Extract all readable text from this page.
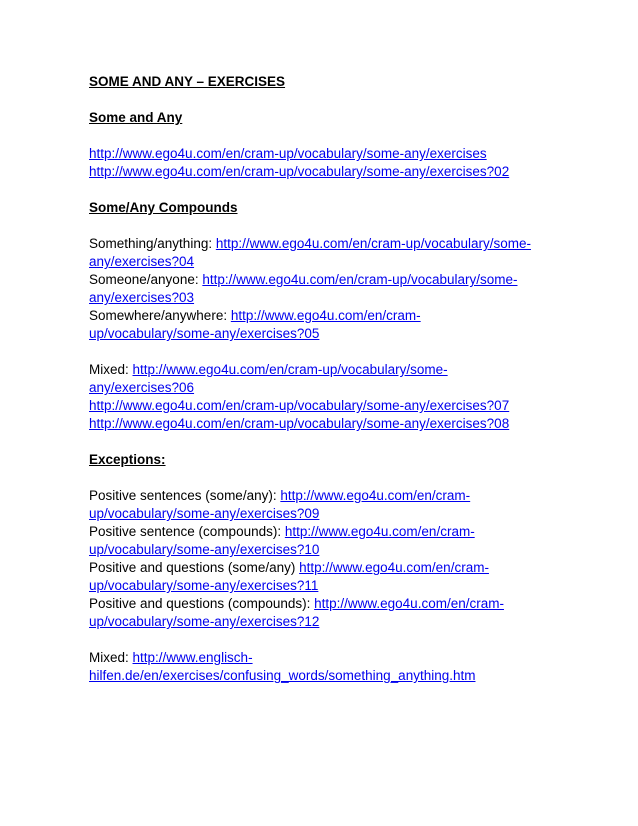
SOME AND ANY – EXERCISES

Some and Any

http://www.ego4u.com/en/cram-up/vocabulary/some-any/exercises

http://www.ego4u.com/en/cram-up/vocabulary/some-any/exercises?02

Some/Any Compounds

Something/anything: http://www.ego4u.com/en/cram-up/vocabulary/some-

any/exercises?04

Someone/anyone: http://www.ego4u.com/en/cram-up/vocabulary/some-

any/exercises?03

Somewhere/anywhere: http://www.ego4u.com/en/cram-

up/vocabulary/some-any/exercises?05

Mixed: http://www.ego4u.com/en/cram-up/vocabulary/some-

any/exercises?06

http://www.ego4u.com/en/cram-up/vocabulary/some-any/exercises?07

http://www.ego4u.com/en/cram-up/vocabulary/some-any/exercises?08

Exceptions:

Positive sentences (some/any): http://www.ego4u.com/en/cram-

up/vocabulary/some-any/exercises?09

Positive sentence (compounds): http://www.ego4u.com/en/cram-

up/vocabulary/some-any/exercises?10

Positive and questions (some/any) http://www.ego4u.com/en/cram-

up/vocabulary/some-any/exercises?11

Positive and questions (compounds): http://www.ego4u.com/en/cram-

up/vocabulary/some-any/exercises?12

Mixed: http://www.englisch-

hilfen.de/en/exercises/confusing_words/something_anything.htm
